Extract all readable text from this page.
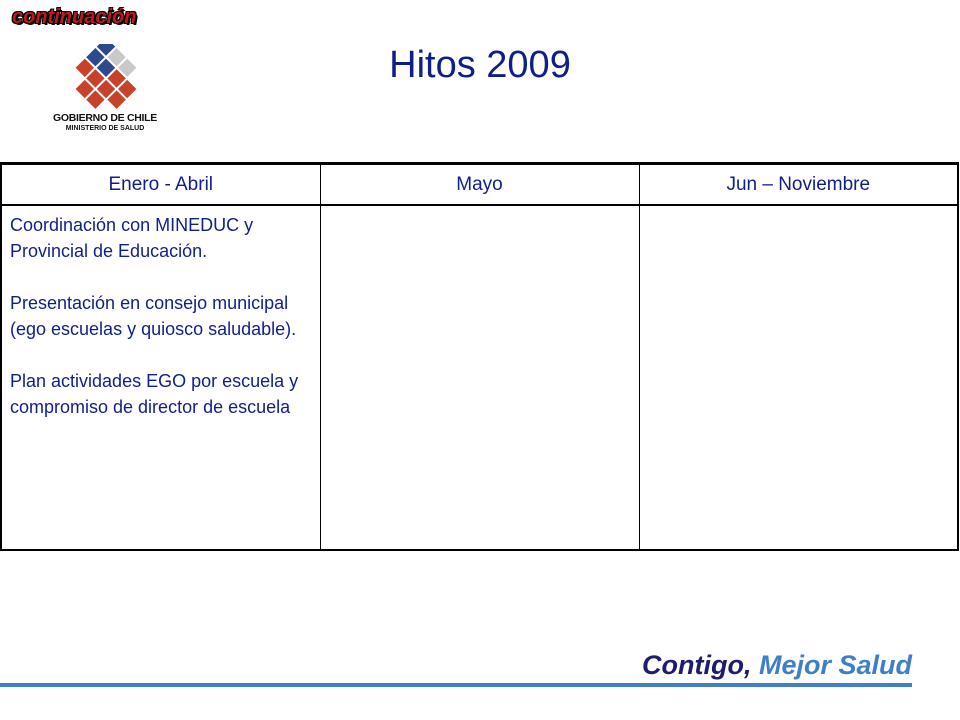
continuación
GOBIERNO DE CHILE
MINISTERIO DE SALUD
Hitos 2009
Enero - Abril	Mayo	Jun – Noviembre

Coordinación con MINEDUC y Provincial de Educación.

Presentación en consejo municipal (ego escuelas y quiosco saludable).

Plan actividades EGO por escuela y compromiso de director de escuela		

Contigo, Mejor Salud
